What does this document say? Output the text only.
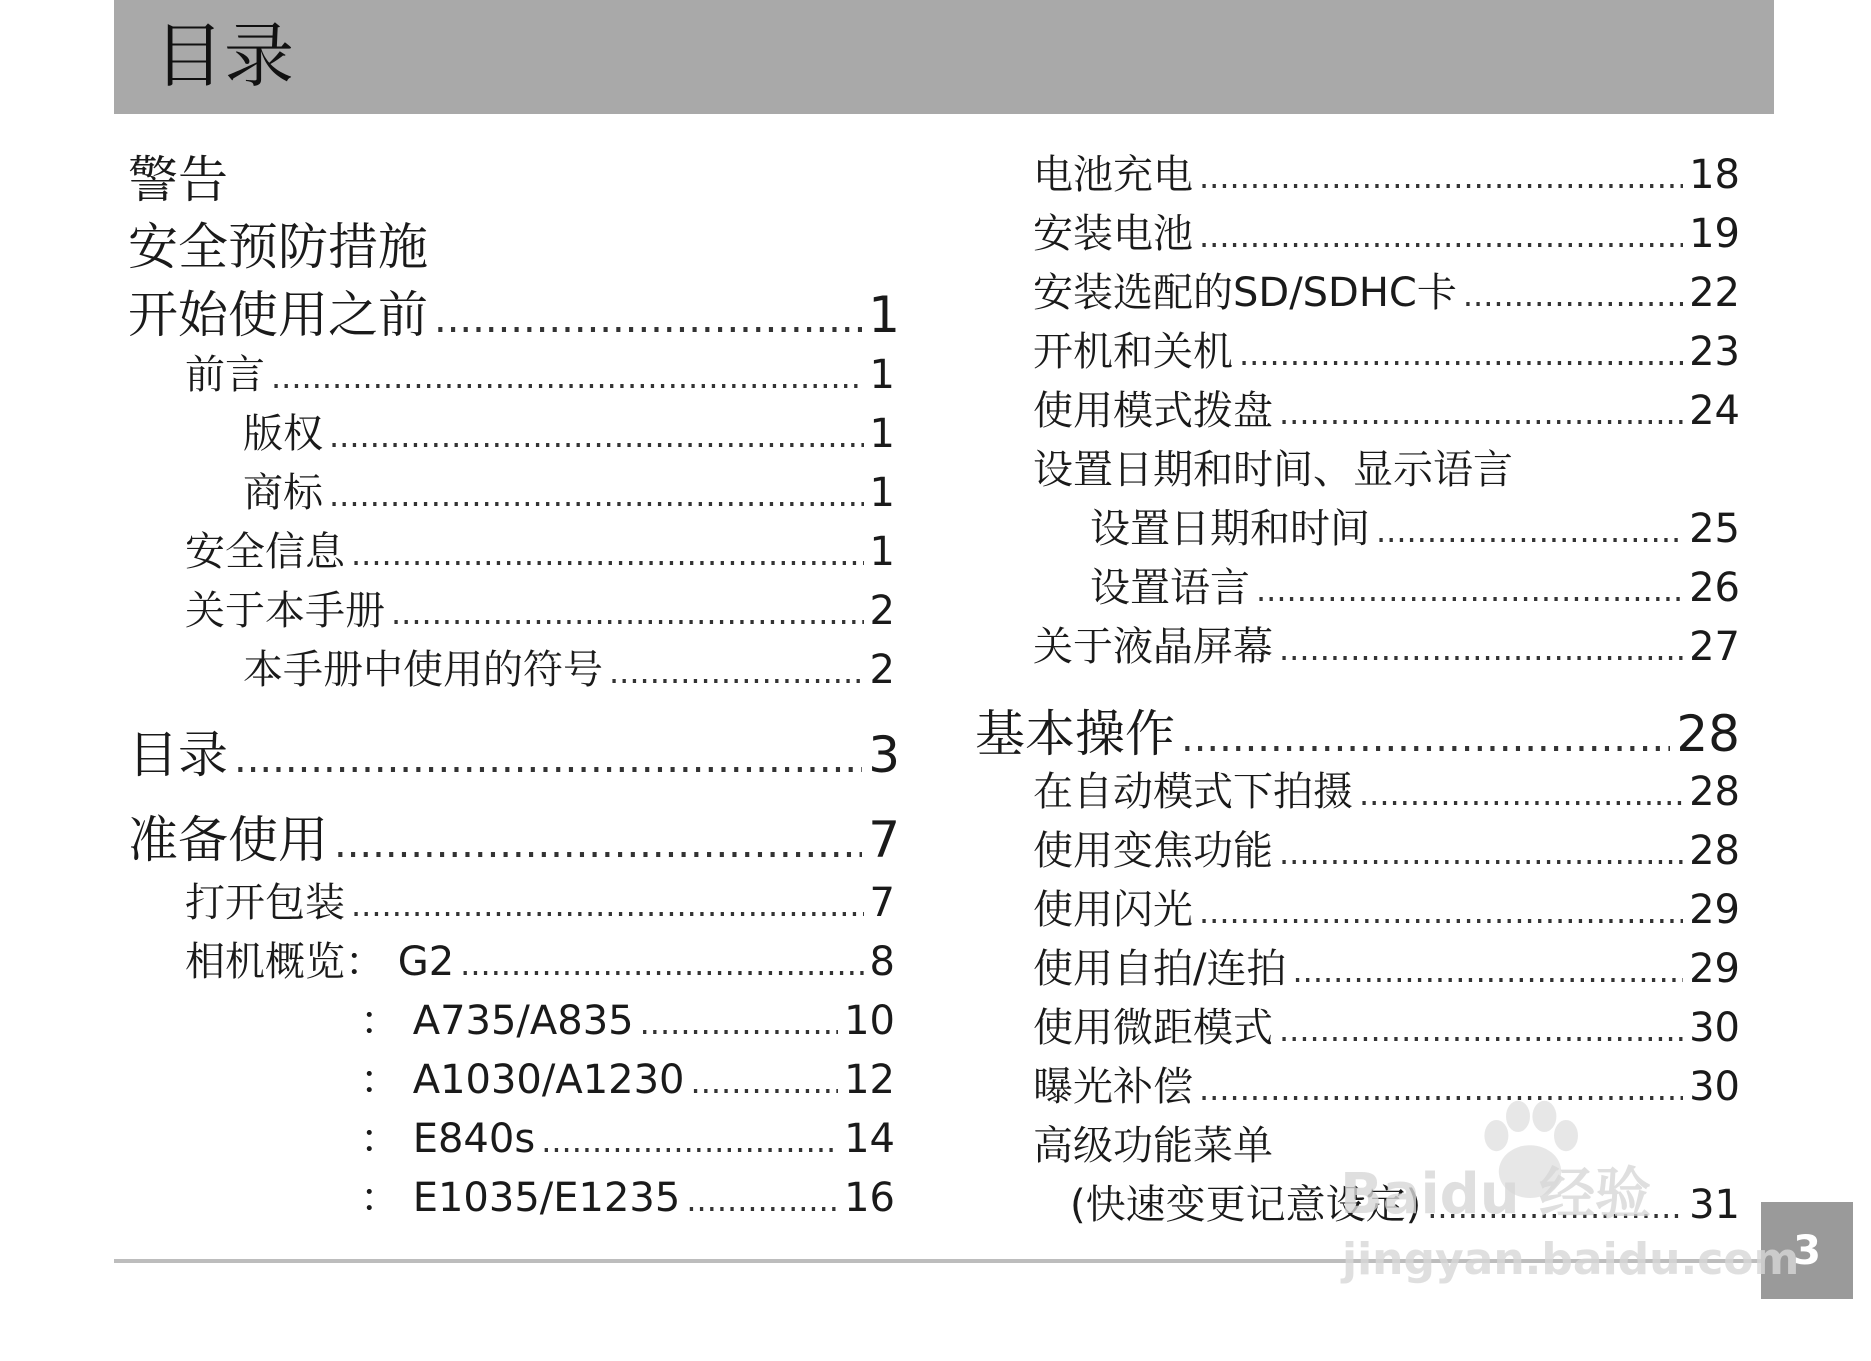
目录
警告
安全预防措施
开始使用之前 .....	1
前言 .....	1
版权 .....	1
商标 .....	1
安全信息 .....	1
关于本手册 .....	2
本手册中使用的符号 .....	2
目录 .....	3
准备使用 .....	7
打开包装 .....	7
相机概览： G2 .....	8
： A735/A835 .....	10
： A1030/A1230 .....	12
： E840s .....	14
： E1035/E1235 .....	16
电池充电 .....	18
安装电池 .....	19
安装选配的SD/SDHC卡 .....	22
开机和关机 .....	23
使用模式拨盘 .....	24
设置日期和时间、显示语言
设置日期和时间 .....	25
设置语言 .....	26
关于液晶屏幕 .....	27
基本操作 .....	28
在自动模式下拍摄 .....	28
使用变焦功能 .....	28
使用闪光 .....	29
使用自拍/连拍 .....	29
使用微距模式 .....	30
曝光补偿 .....	30
高级功能菜单
(快速变更记意设定) .....	31
3
Baidu 经验
jingyan.baidu.com
